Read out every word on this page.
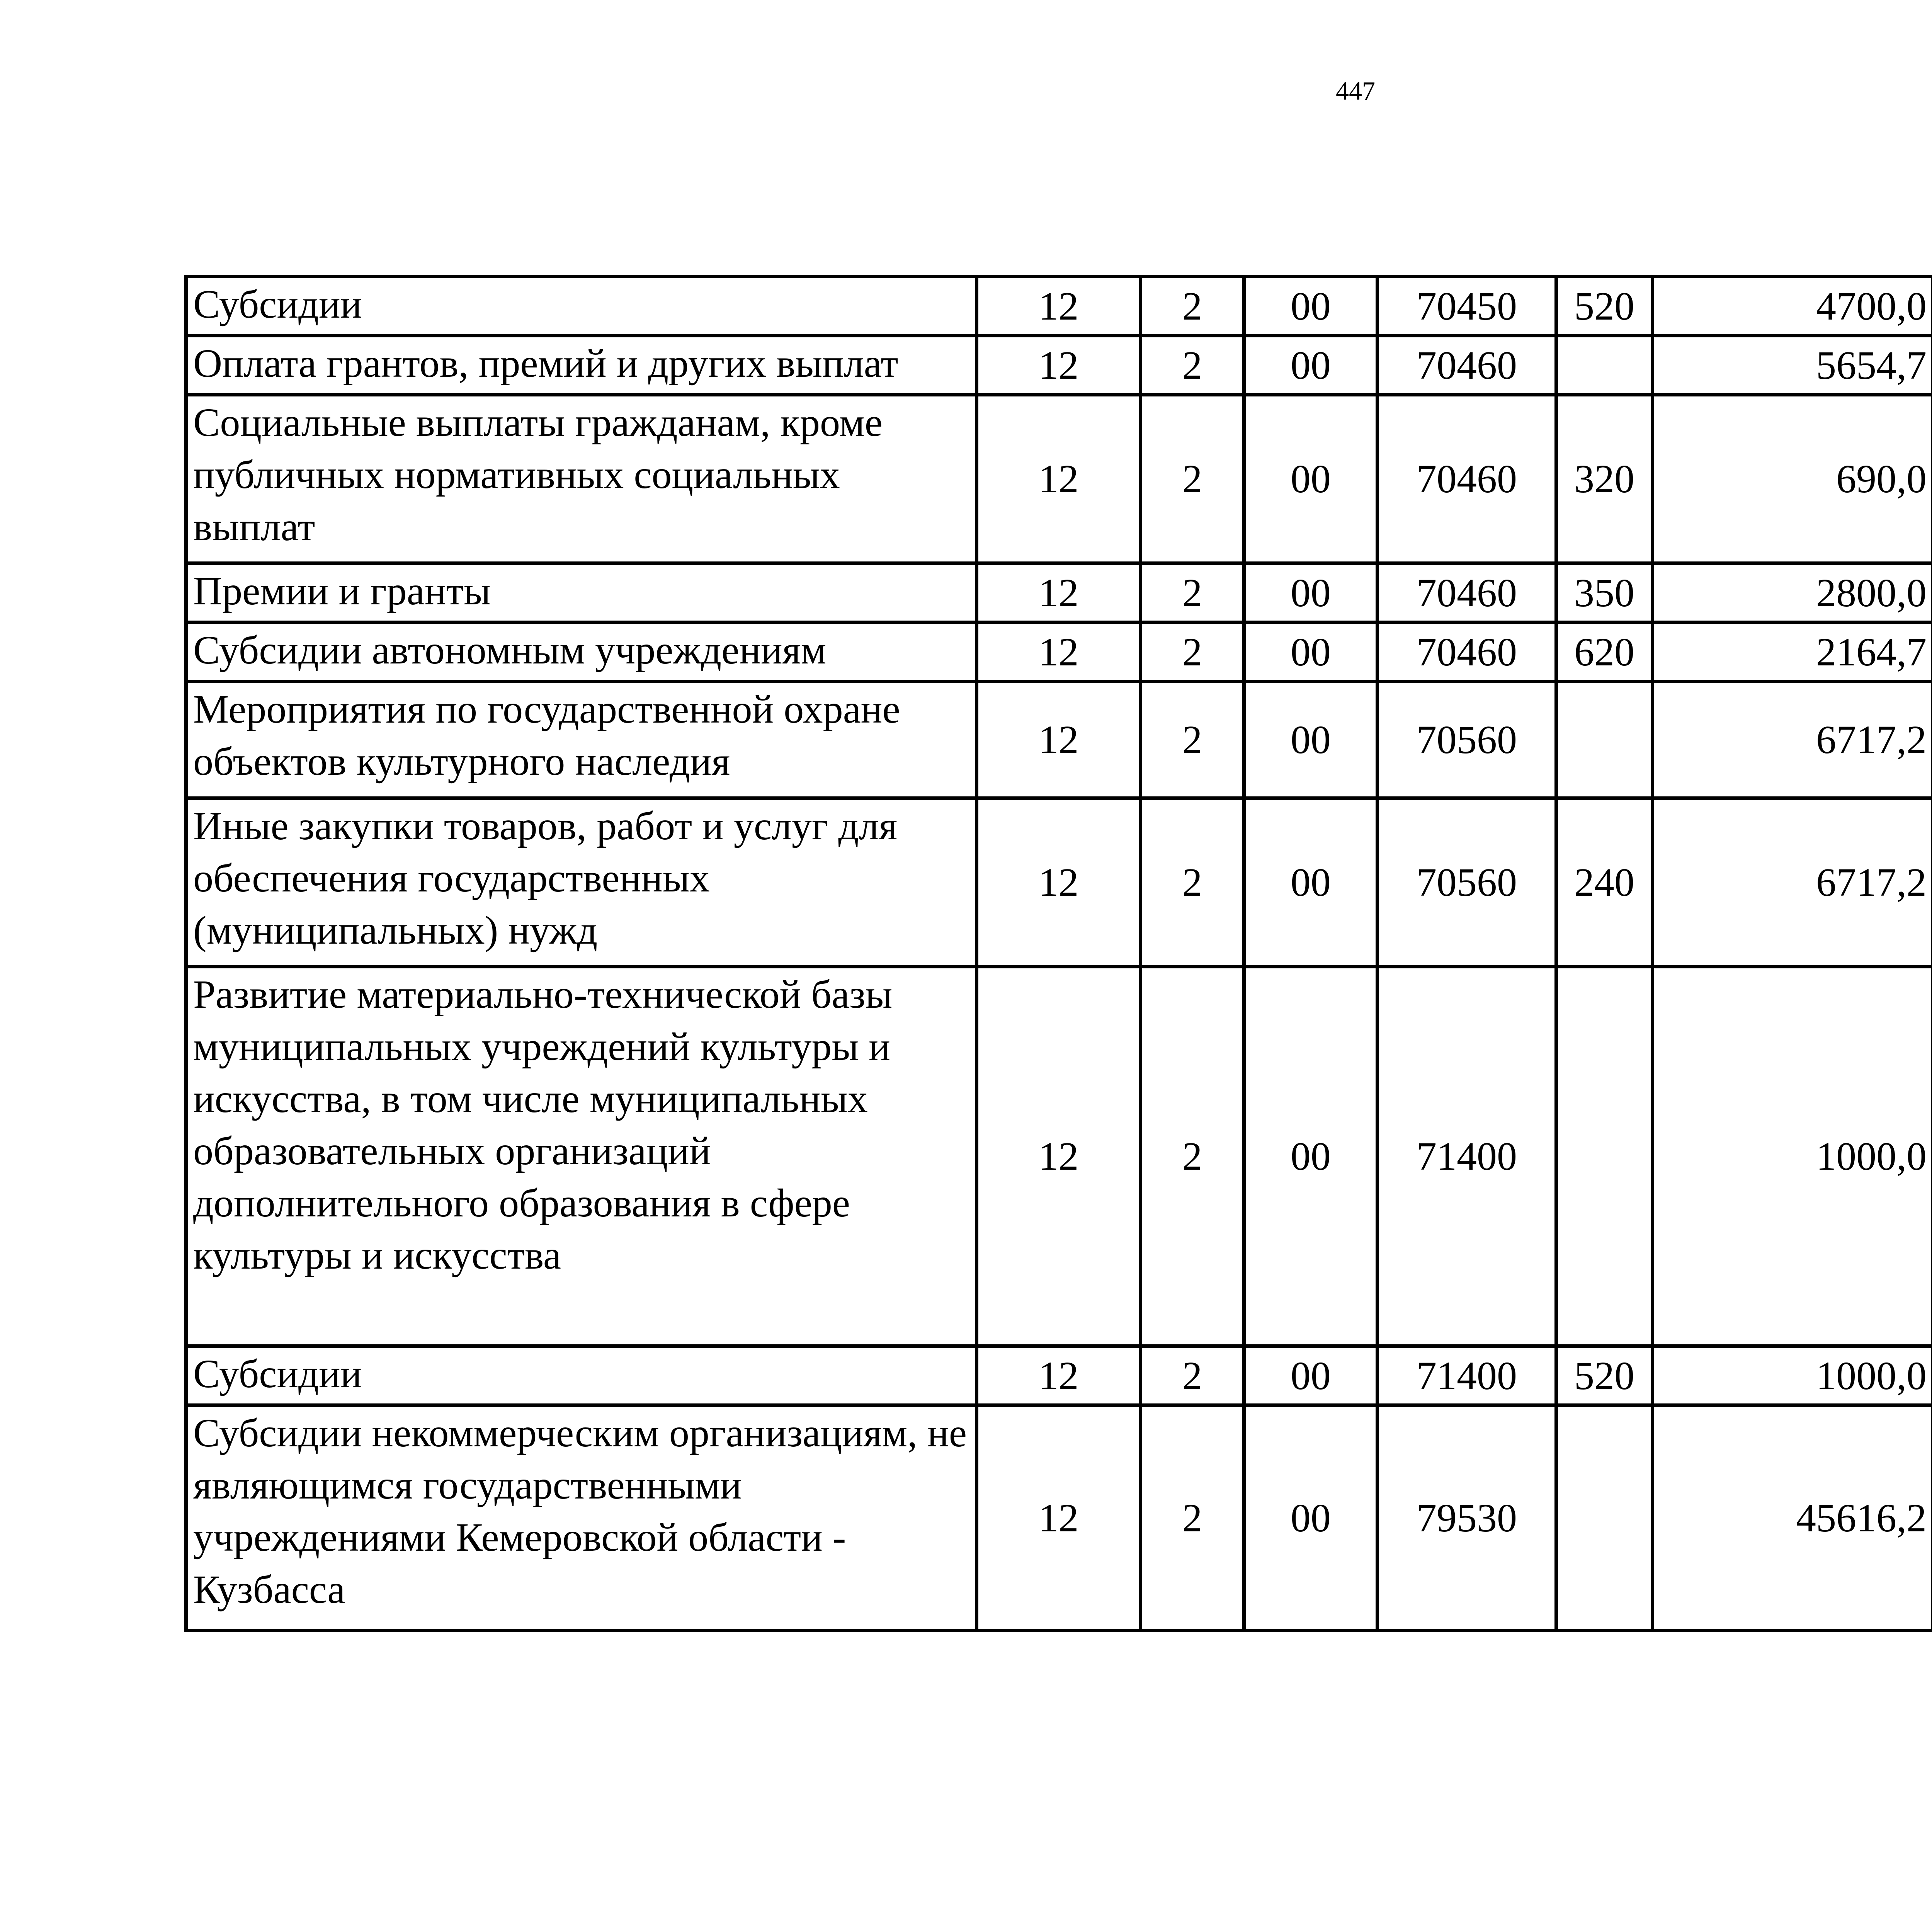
447
Субсидии	12	2	00	70450	520	4700,0		
Оплата грантов, премий и других выплат	12	2	00	70460		5654,7		
Социальные выплаты гражданам, кроме публичных нормативных социальных выплат	12	2	00	70460	320	690,0		
Премии и гранты	12	2	00	70460	350	2800,0		
Субсидии автономным учреждениям	12	2	00	70460	620	2164,7		
Мероприятия по государственной охране объектов культурного наследия	12	2	00	70560		6717,2		
Иные закупки товаров, работ и услуг для обеспечения государственных (муниципальных) нужд	12	2	00	70560	240	6717,2		
Развитие материально-технической базы муниципальных учреждений культуры и искусства, в том числе муниципальных образовательных организаций дополнительного образования в сфере культуры и искусства	12	2	00	71400		1000,0		
Субсидии	12	2	00	71400	520	1000,0		
Субсидии некоммерческим организациям, не являющимся государственными учреждениями Кемеровской области - Кузбасса	12	2	00	79530		45616,2		
